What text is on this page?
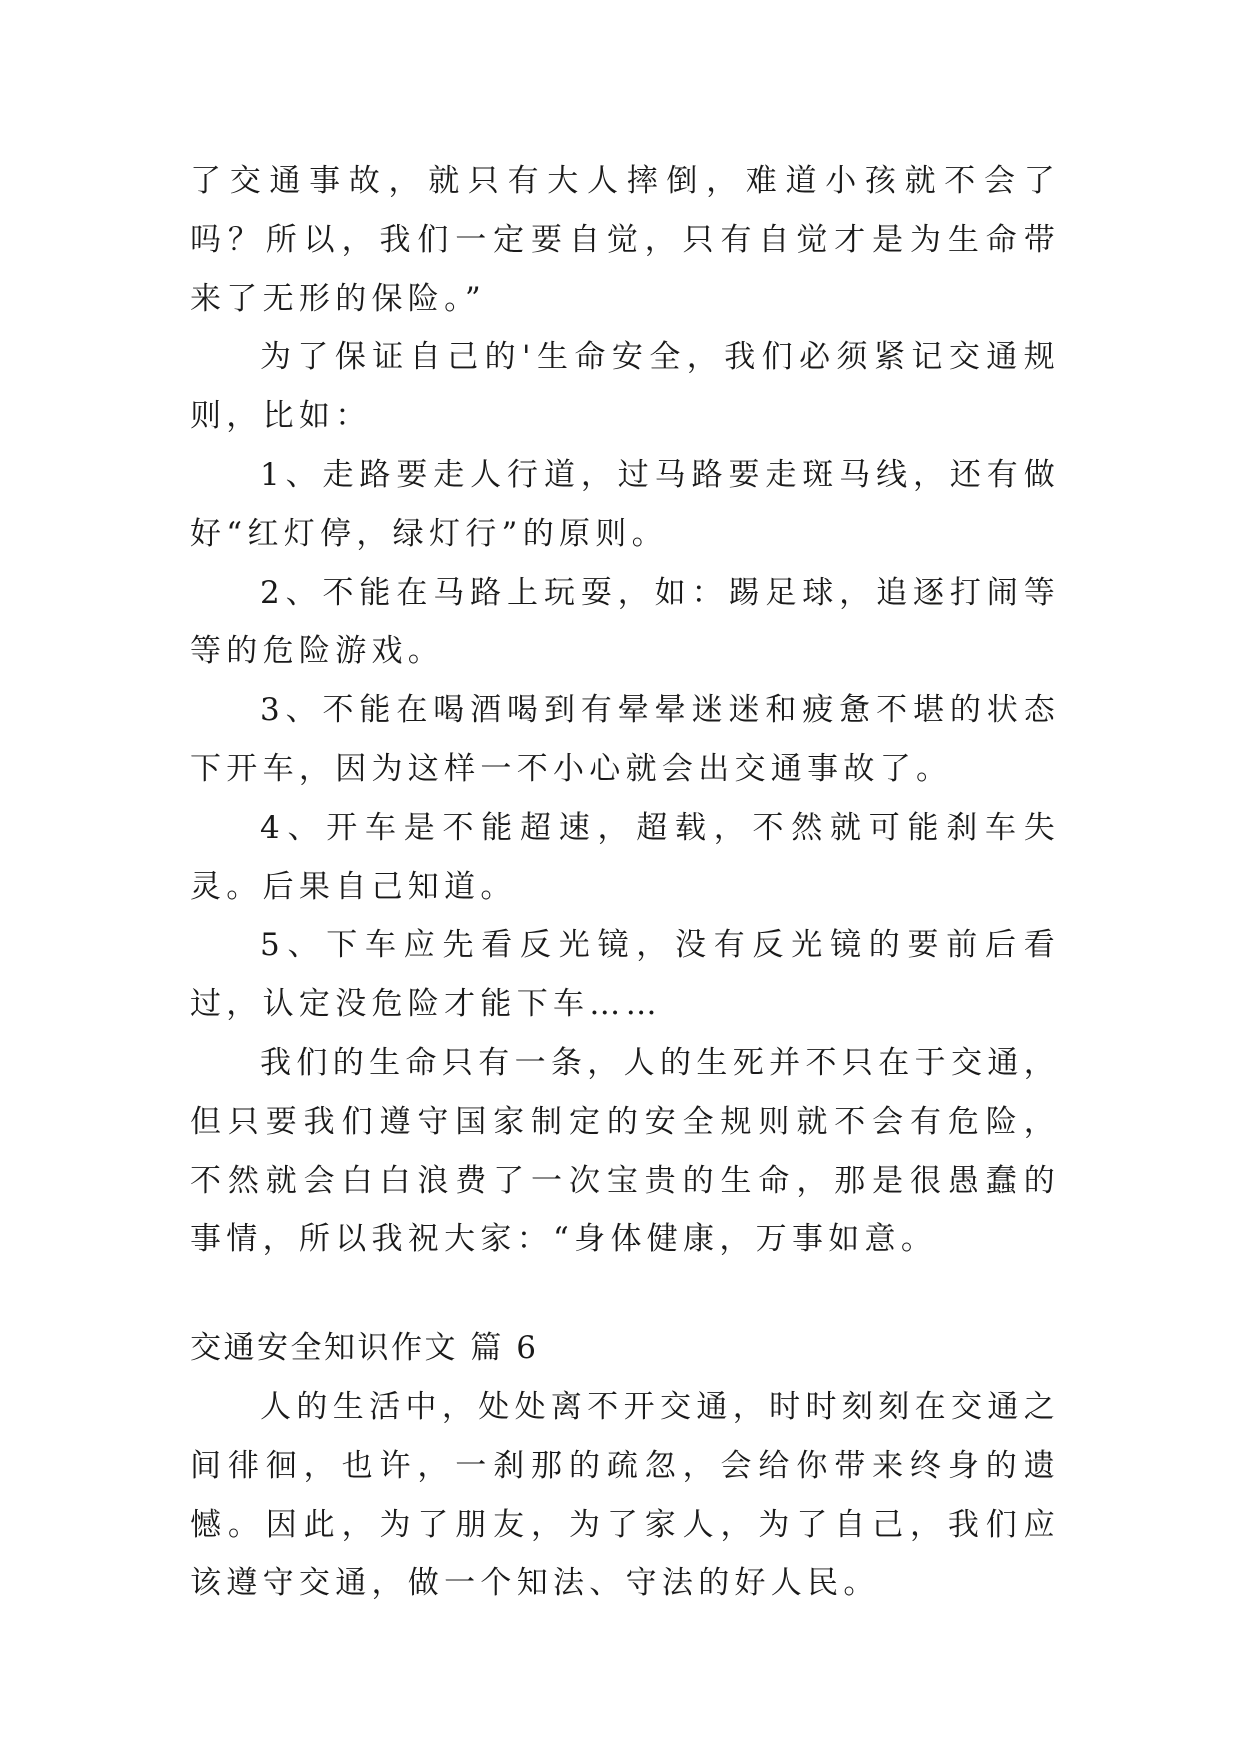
了交通事故，就只有大人摔倒，难道小孩就不会了吗？所以，我们一定要自觉，只有自觉才是为生命带来了无形的保险。”

为了保证自己的'生命安全，我们必须紧记交通规则，比如：

1、走路要走人行道，过马路要走斑马线，还有做好“红灯停，绿灯行”的原则。

2、不能在马路上玩耍，如：踢足球，追逐打闹等等的危险游戏。

3、不能在喝酒喝到有晕晕迷迷和疲惫不堪的状态下开车，因为这样一不小心就会出交通事故了。

4、开车是不能超速，超载，不然就可能刹车失灵。后果自己知道。

5、下车应先看反光镜，没有反光镜的要前后看过，认定没危险才能下车……

我们的生命只有一条，人的生死并不只在于交通，但只要我们遵守国家制定的安全规则就不会有危险，不然就会白白浪费了一次宝贵的生命，那是很愚蠢的事情，所以我祝大家：“身体健康，万事如意。

交通安全知识作文 篇 6

人的生活中，处处离不开交通，时时刻刻在交通之间徘徊，也许，一刹那的疏忽，会给你带来终身的遗憾。因此，为了朋友，为了家人，为了自己，我们应该遵守交通，做一个知法、守法的好人民。
